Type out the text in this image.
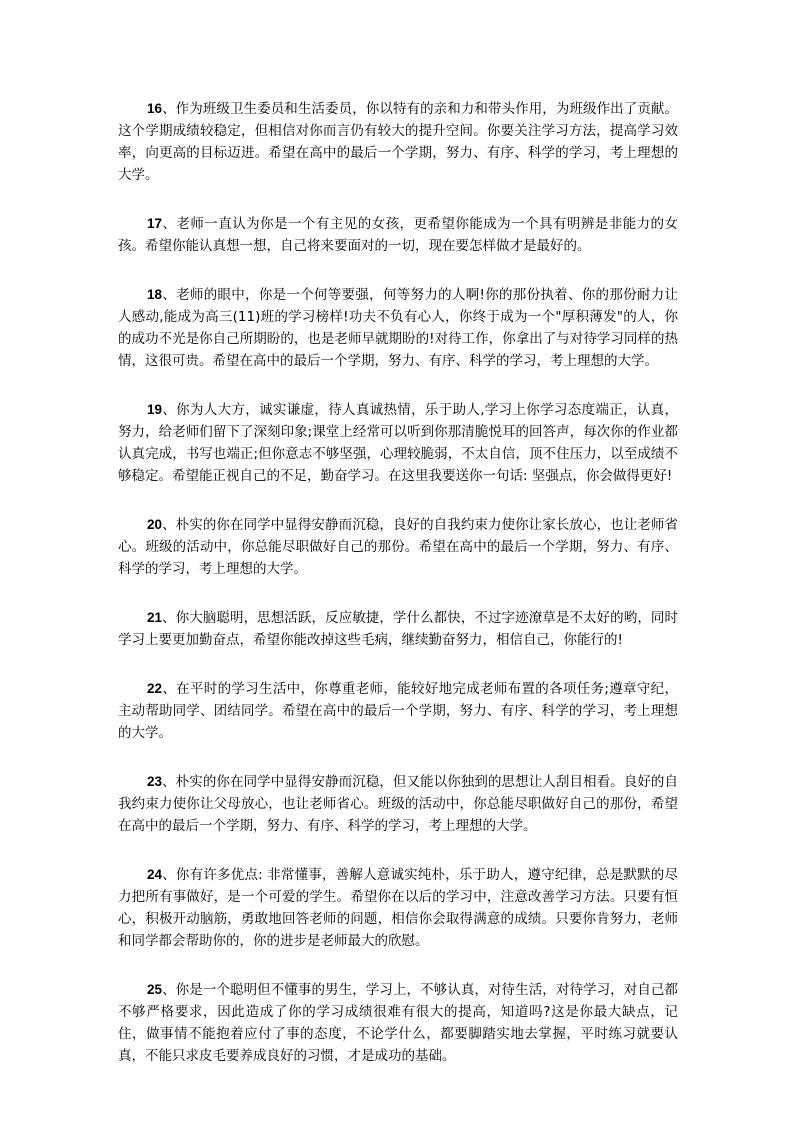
16、作为班级卫生委员和生活委员，你以特有的亲和力和带头作用，为班级作出了贡献。这个学期成绩较稳定，但相信对你而言仍有较大的提升空间。你要关注学习方法，提高学习效率，向更高的目标迈进。希望在高中的最后一个学期，努力、有序、科学的学习，考上理想的大学。

17、老师一直认为你是一个有主见的女孩，更希望你能成为一个具有明辨是非能力的女孩。希望你能认真想一想，自己将来要面对的一切，现在要怎样做才是最好的。

18、老师的眼中，你是一个何等要强，何等努力的人啊!你的那份执着、你的那份耐力让人感动,能成为高三(11)班的学习榜样!功夫不负有心人，你终于成为一个"厚积薄发"的人，你的成功不光是你自己所期盼的，也是老师早就期盼的!对待工作，你拿出了与对待学习同样的热情，这很可贵。希望在高中的最后一个学期，努力、有序、科学的学习，考上理想的大学。

19、你为人大方，诚实谦虚，待人真诚热情，乐于助人,学习上你学习态度端正，认真，努力，给老师们留下了深刻印象;课堂上经常可以听到你那清脆悦耳的回答声，每次你的作业都认真完成，书写也端正;但你意志不够坚强，心理较脆弱，不太自信，顶不住压力，以至成绩不够稳定。希望能正视自己的不足，勤奋学习。在这里我要送你一句话: 坚强点，你会做得更好!

20、朴实的你在同学中显得安静而沉稳，良好的自我约束力使你让家长放心，也让老师省心。班级的活动中，你总能尽职做好自己的那份。希望在高中的最后一个学期，努力、有序、科学的学习，考上理想的大学。

21、你大脑聪明，思想活跃，反应敏捷，学什么都快，不过字迹潦草是不太好的哟，同时学习上要更加勤奋点，希望你能改掉这些毛病，继续勤奋努力，相信自己，你能行的!

22、在平时的学习生活中，你尊重老师，能较好地完成老师布置的各项任务;遵章守纪，主动帮助同学、团结同学。希望在高中的最后一个学期，努力、有序、科学的学习，考上理想的大学。

23、朴实的你在同学中显得安静而沉稳，但又能以你独到的思想让人刮目相看。良好的自我约束力使你让父母放心，也让老师省心。班级的活动中，你总能尽职做好自己的那份，希望在高中的最后一个学期，努力、有序、科学的学习，考上理想的大学。

24、你有许多优点: 非常懂事，善解人意诚实纯朴，乐于助人，遵守纪律，总是默默的尽力把所有事做好，是一个可爱的学生。希望你在以后的学习中，注意改善学习方法。只要有恒心，积极开动脑筋，勇敢地回答老师的问题，相信你会取得满意的成绩。只要你肯努力，老师和同学都会帮助你的，你的进步是老师最大的欣慰。

25、你是一个聪明但不懂事的男生，学习上，不够认真，对待生活，对待学习，对自己都不够严格要求，因此造成了你的学习成绩很难有很大的提高，知道吗?这是你最大缺点，记住，做事情不能抱着应付了事的态度，不论学什么，都要脚踏实地去掌握，平时练习就要认真，不能只求皮毛要养成良好的习惯，才是成功的基础。
